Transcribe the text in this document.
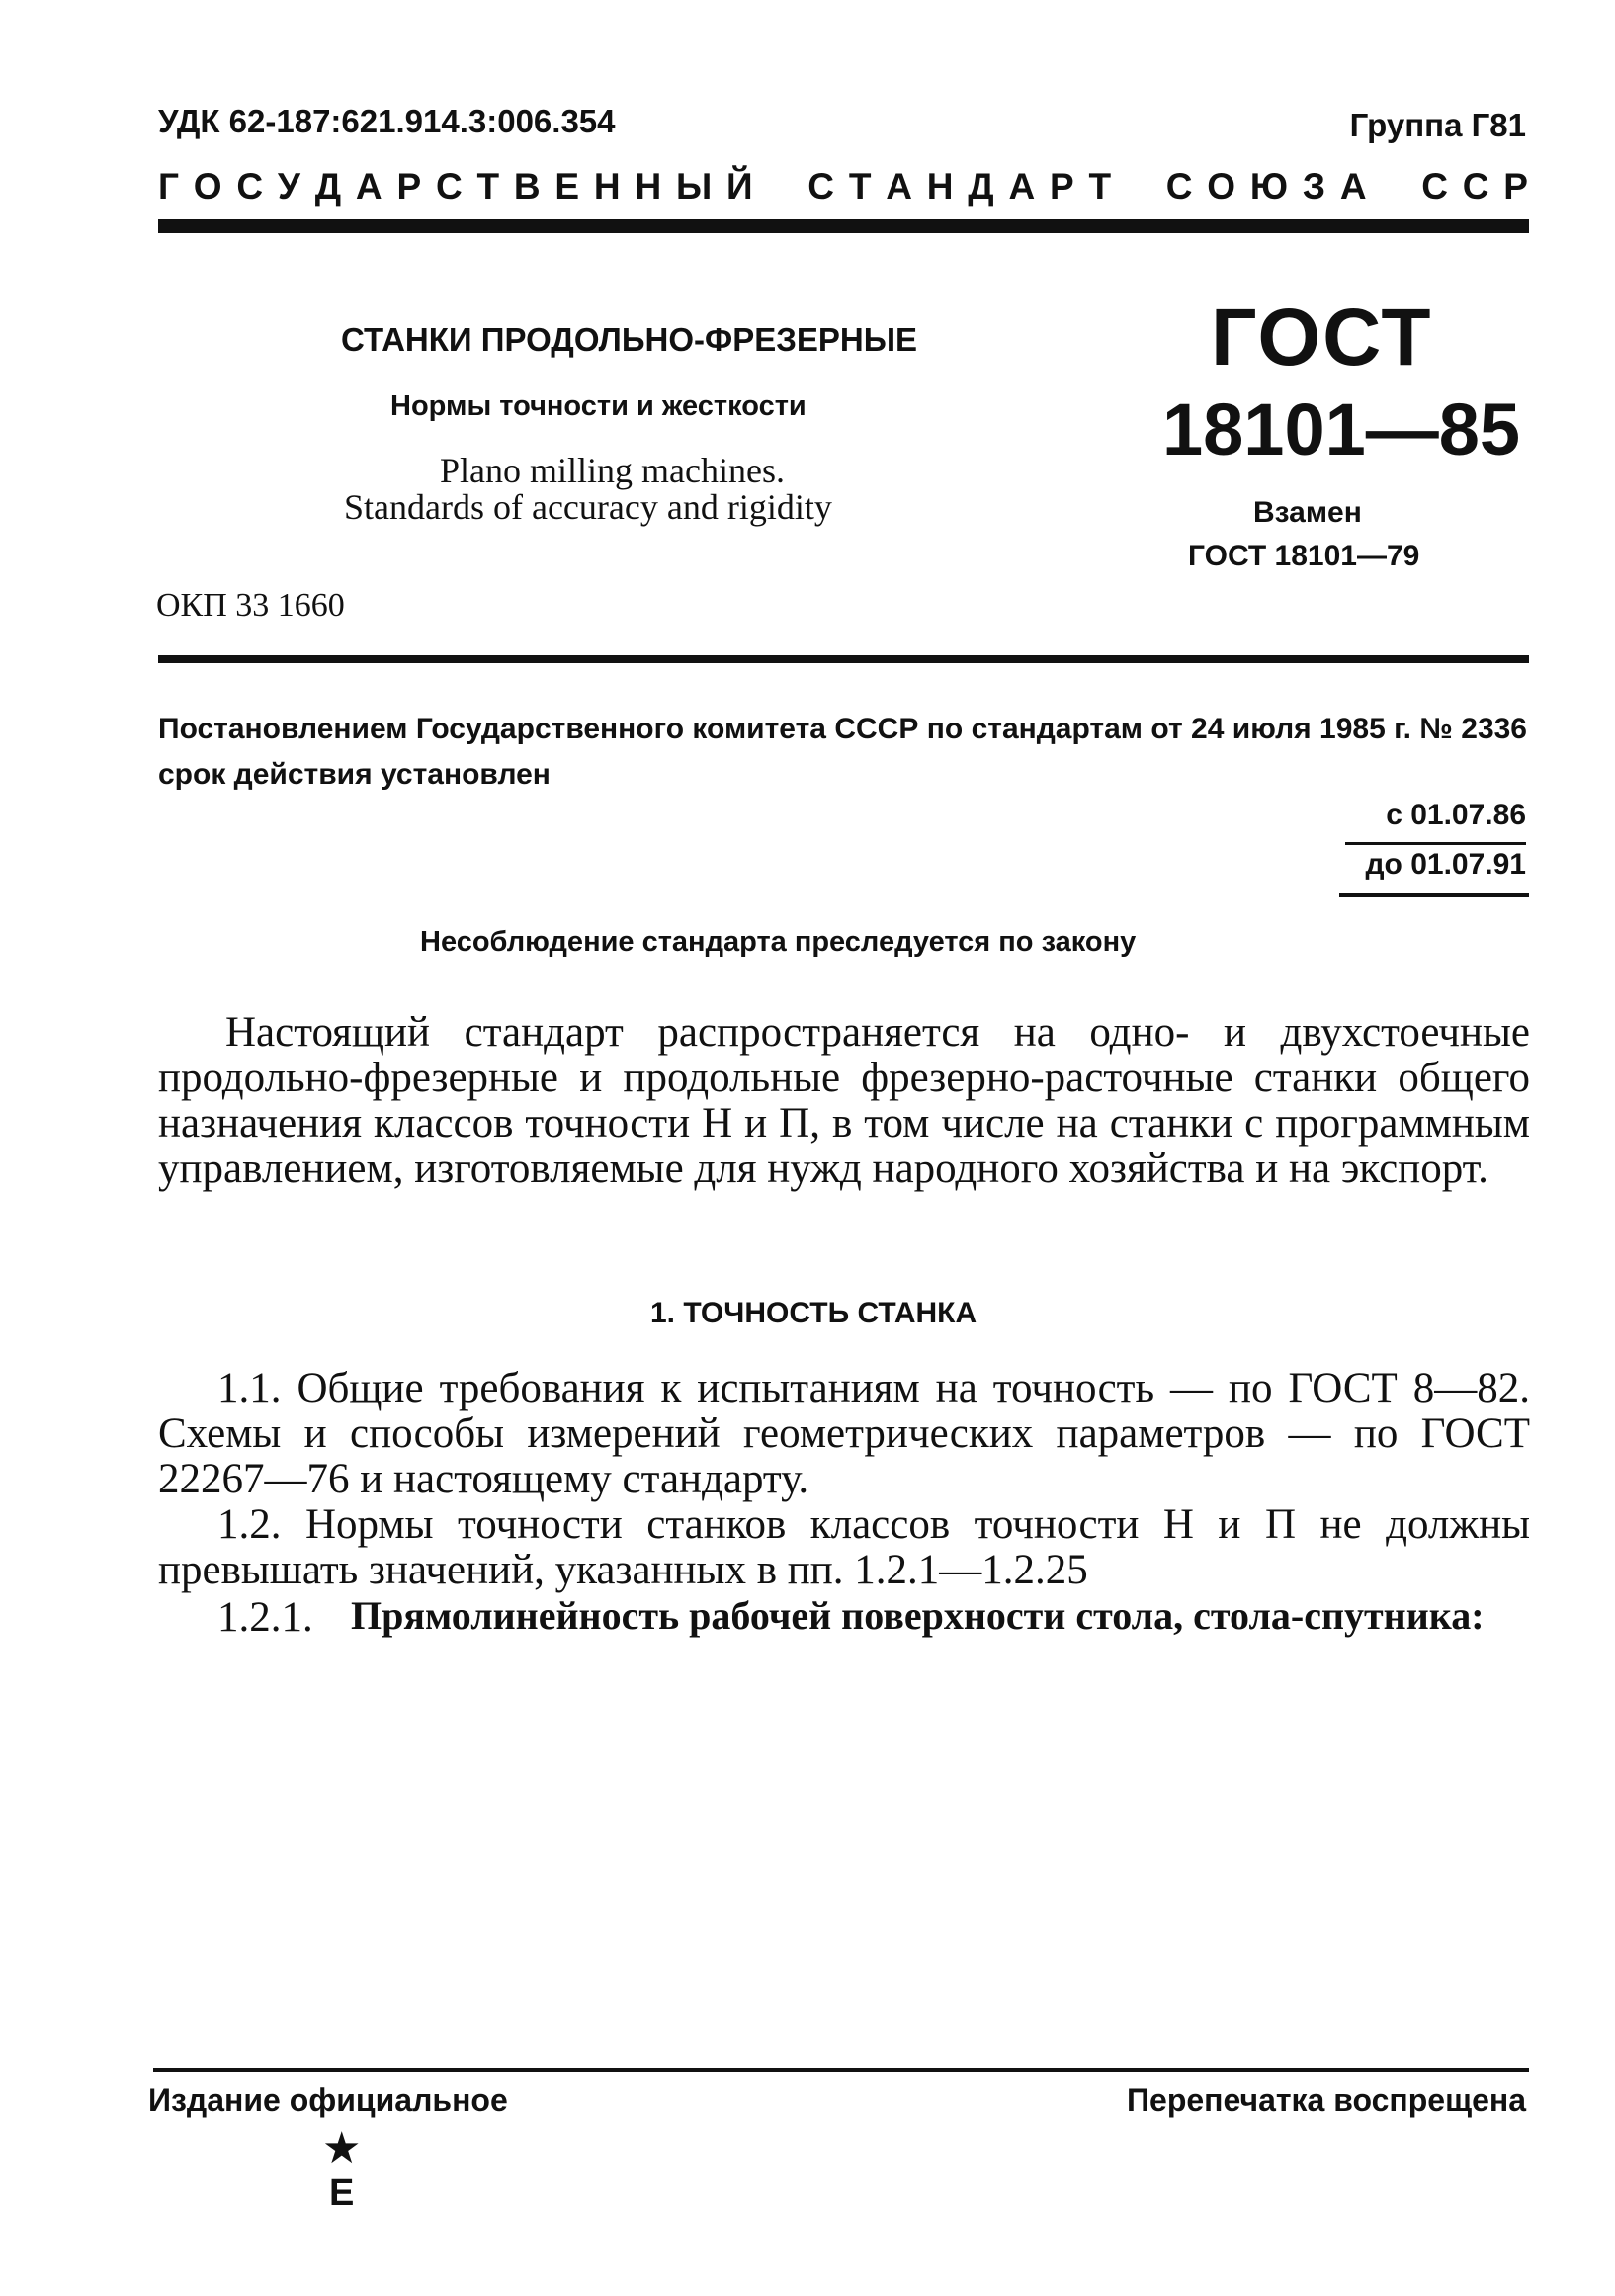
УДК 62-187:621.914.3:006.354	Группа Г81
Г  О  С  У  Д  А  Р  С  Т  В  Е  Н  Н  Ы  Й С  Т  А  Н  Д  А  Р  Т С  О  Ю  З  А С  С  Р
СТАНКИ ПРОДОЛЬНО-ФРЕЗЕРНЫЕ
Нормы точности и жесткости
Plano milling machines.
Standards of accuracy and rigidity
ГОСТ
18101—85
Взамен
ГОСТ 18101—79
ОКП 33 1660
Постановлением Государственного комитета СССР по стандартам от 24 июля 1985 г. № 2336 срок действия установлен
с 01.07.86
до 01.07.91
Несоблюдение стандарта преследуется по закону
Настоящий стандарт распространяется на одно- и двухстоечные продольно-фрезерные и продольные фрезерно-расточные станки общего назначения классов точности Н и П, в том числе на станки с программным управлением, изготовляемые для нужд народного хозяйства и на экспорт.
1. ТОЧНОСТЬ СТАНКА
1.1. Общие требования к испытаниям на точность — по ГОСТ 8—82. Схемы и способы измерений геометрических параметров — по ГОСТ 22267—76 и настоящему стандарту.
1.2. Нормы точности станков классов точности Н и П не должны превышать значений, указанных в пп. 1.2.1—1.2.25
1.2.1. Прямолинейность рабочей поверхности стола, стола-спутника:
Издание официальное	Перепечатка воспрещена
★
Е
